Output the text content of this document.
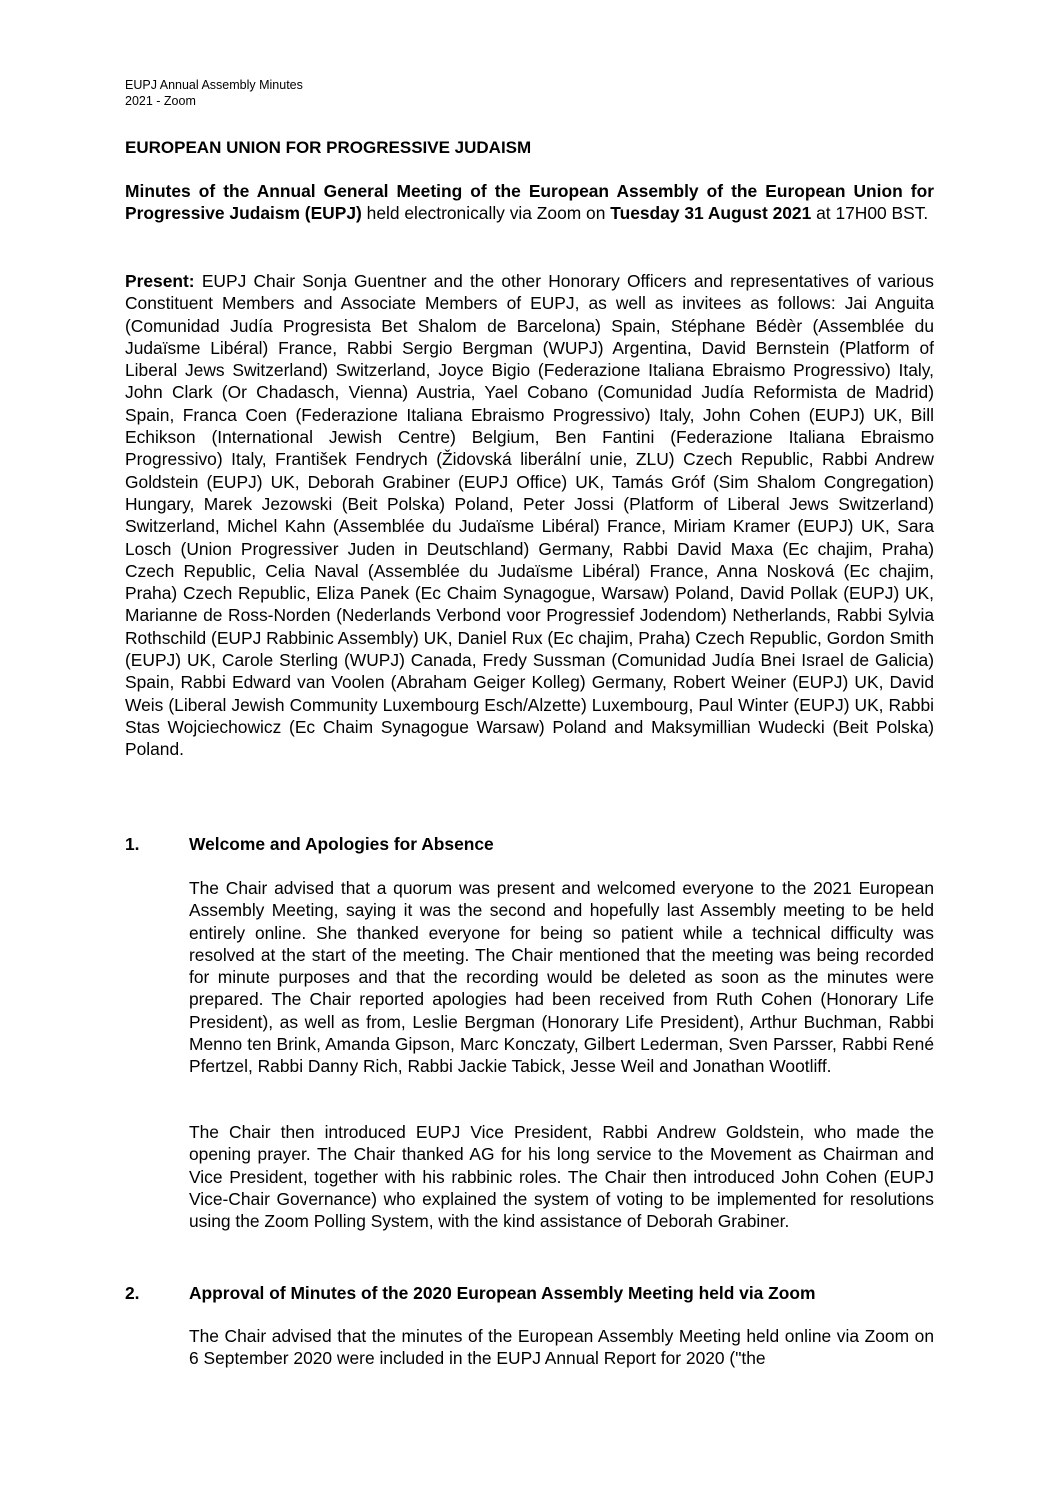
EUPJ Annual Assembly Minutes
2021 - Zoom
EUROPEAN UNION FOR PROGRESSIVE JUDAISM

Minutes of the Annual General Meeting of the European Assembly of the European Union for Progressive Judaism (EUPJ) held electronically via Zoom on Tuesday 31 August 2021 at 17H00 BST.

Present: EUPJ Chair Sonja Guentner and the other Honorary Officers and representatives of various Constituent Members and Associate Members of EUPJ, as well as invitees as follows: Jai Anguita (Comunidad Judía Progresista Bet Shalom de Barcelona) Spain, Stéphane Bédèr (Assemblée du Judaïsme Libéral) France, Rabbi Sergio Bergman (WUPJ) Argentina, David Bernstein (Platform of Liberal Jews Switzerland) Switzerland, Joyce Bigio (Federazione Italiana Ebraismo Progressivo) Italy, John Clark (Or Chadasch, Vienna) Austria, Yael Cobano (Comunidad Judía Reformista de Madrid) Spain, Franca Coen (Federazione Italiana Ebraismo Progressivo) Italy, John Cohen (EUPJ) UK, Bill Echikson (International Jewish Centre) Belgium, Ben Fantini (Federazione Italiana Ebraismo Progressivo) Italy, František Fendrych (Židovská liberální unie, ZLU) Czech Republic, Rabbi Andrew Goldstein (EUPJ) UK, Deborah Grabiner (EUPJ Office) UK, Tamás Gróf (Sim Shalom Congregation) Hungary, Marek Jezowski (Beit Polska) Poland, Peter Jossi (Platform of Liberal Jews Switzerland) Switzerland, Michel Kahn (Assemblée du Judaïsme Libéral) France, Miriam Kramer (EUPJ) UK, Sara Losch (Union Progressiver Juden in Deutschland) Germany, Rabbi David Maxa (Ec chajim, Praha) Czech Republic, Celia Naval (Assemblée du Judaïsme Libéral) France, Anna Nosková (Ec chajim, Praha) Czech Republic, Eliza Panek (Ec Chaim Synagogue, Warsaw) Poland, David Pollak (EUPJ) UK, Marianne de Ross-Norden (Nederlands Verbond voor Progressief Jodendom) Netherlands, Rabbi Sylvia Rothschild (EUPJ Rabbinic Assembly) UK, Daniel Rux (Ec chajim, Praha) Czech Republic, Gordon Smith (EUPJ) UK, Carole Sterling (WUPJ) Canada, Fredy Sussman (Comunidad Judía Bnei Israel de Galicia) Spain, Rabbi Edward van Voolen (Abraham Geiger Kolleg) Germany, Robert Weiner (EUPJ) UK, David Weis (Liberal Jewish Community Luxembourg Esch/Alzette) Luxembourg, Paul Winter (EUPJ) UK, Rabbi Stas Wojciechowicz (Ec Chaim Synagogue Warsaw) Poland and Maksymillian Wudecki (Beit Polska) Poland.

1.	Welcome and Apologies for Absence

The Chair advised that a quorum was present and welcomed everyone to the 2021 European Assembly Meeting, saying it was the second and hopefully last Assembly meeting to be held entirely online. She thanked everyone for being so patient while a technical difficulty was resolved at the start of the meeting. The Chair mentioned that the meeting was being recorded for minute purposes and that the recording would be deleted as soon as the minutes were prepared. The Chair reported apologies had been received from Ruth Cohen (Honorary Life President), as well as from, Leslie Bergman (Honorary Life President), Arthur Buchman, Rabbi Menno ten Brink, Amanda Gipson, Marc Konczaty, Gilbert Lederman, Sven Parsser, Rabbi René Pfertzel, Rabbi Danny Rich, Rabbi Jackie Tabick, Jesse Weil and Jonathan Wootliff.

The Chair then introduced EUPJ Vice President, Rabbi Andrew Goldstein, who made the opening prayer. The Chair thanked AG for his long service to the Movement as Chairman and Vice President, together with his rabbinic roles. The Chair then introduced John Cohen (EUPJ Vice-Chair Governance) who explained the system of voting to be implemented for resolutions using the Zoom Polling System, with the kind assistance of Deborah Grabiner.

2.	Approval of Minutes of the 2020 European Assembly Meeting held via Zoom

The Chair advised that the minutes of the European Assembly Meeting held online via Zoom on 6 September 2020 were included in the EUPJ Annual Report for 2020 ("the
